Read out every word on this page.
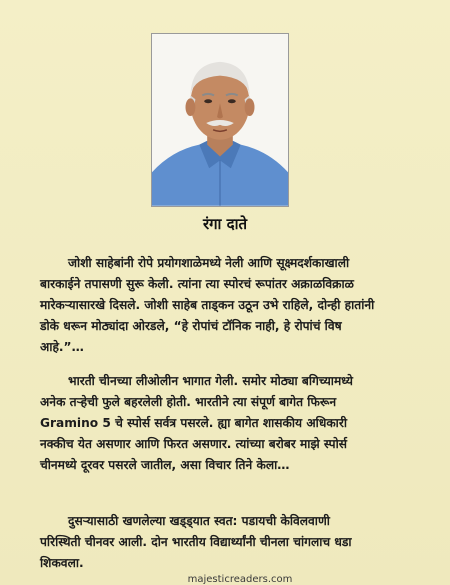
रंगा दाते
जोशी साहेबांनी रोपे प्रयोगशाळेमध्ये नेली आणि सूक्ष्मदर्शकाखाली
बारकाईने तपासणी सुरू केली. त्यांना त्या स्पोरचं रूपांतर अक्राळविक्राळ
मारेकऱ्यासारखे दिसले. जोशी साहेब ताड्कन उठून उभे राहिले, दोन्ही हातांनी
डोके धरून मोठ्यांदा ओरडले, “हे रोपांचं टॉनिक नाही, हे रोपांचं विष
आहे.”…
भारती चीनच्या लीओलीन भागात गेली. समोर मोठ्या बगिच्यामध्ये
अनेक तऱ्हेची फुले बहरलेली होती. भारतीने त्या संपूर्ण बागेत फिरून
Gramino 5 चे स्पोर्स सर्वत्र पसरले. ह्या बागेत शासकीय अधिकारी
नक्कीच येत असणार आणि फिरत असणार. त्यांच्या बरोबर माझे स्पोर्स
चीनमध्ये दूरवर पसरले जातील, असा विचार तिने केला…
दुसऱ्यासाठी खणलेल्या खड्ड्यात स्वत: पडायची केविलवाणी
परिस्थिती चीनवर आली. दोन भारतीय विद्यार्थ्यांनी चीनला चांगलाच धडा
शिकवला.
majesticreaders.com
